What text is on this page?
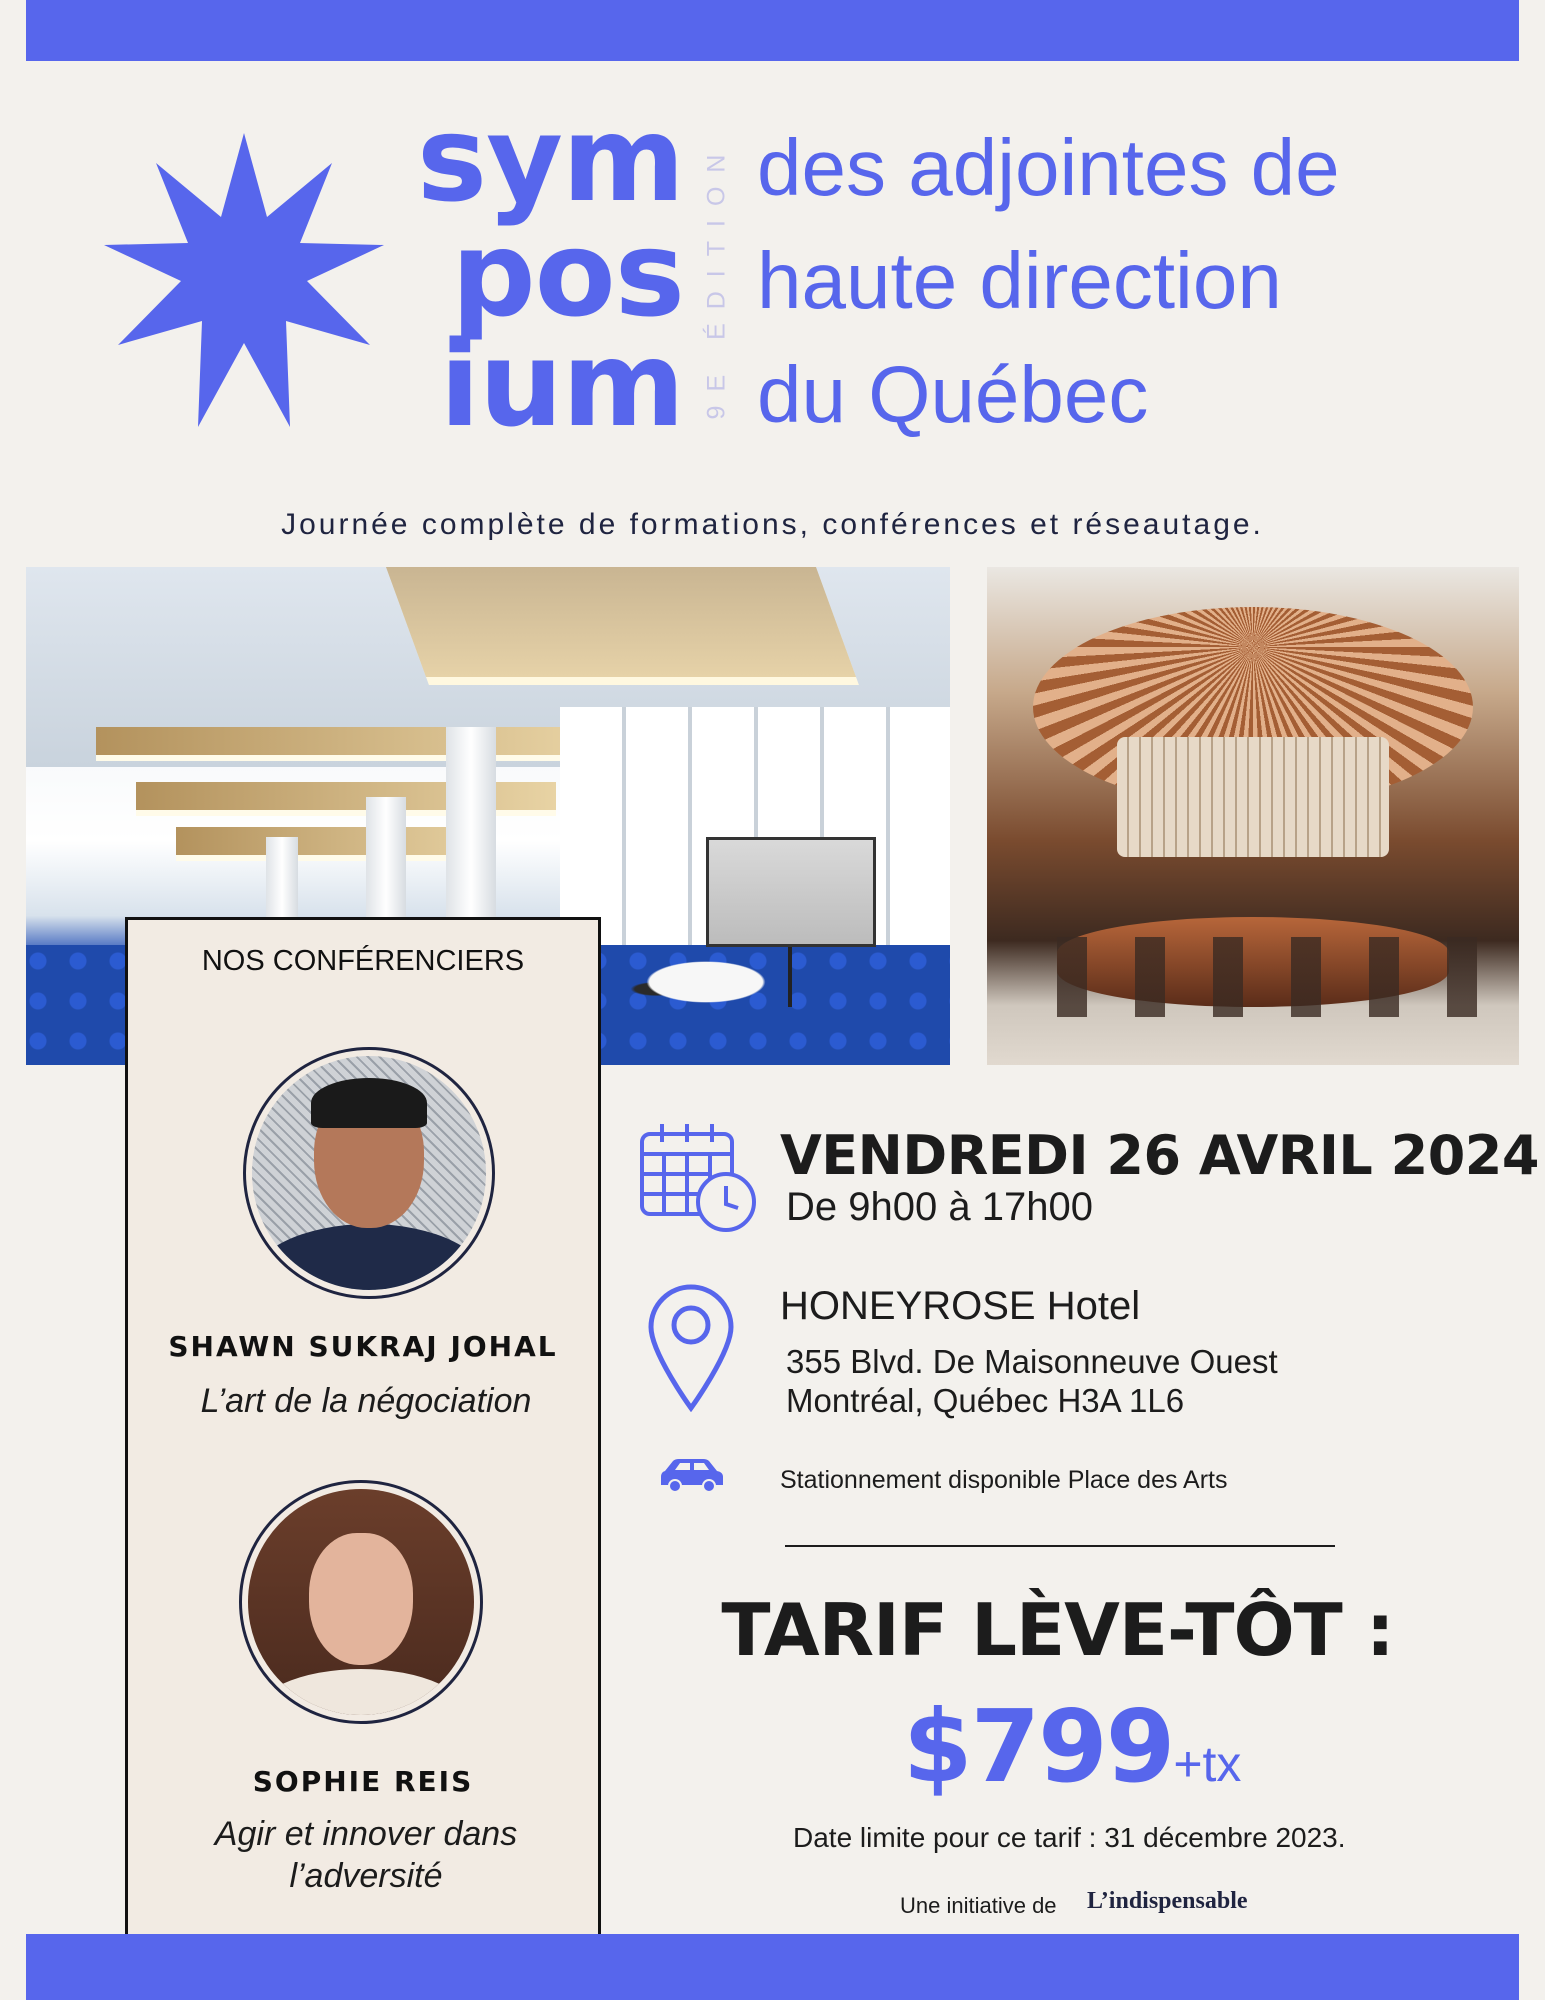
sym
pos
ium 9E ÉDITION des adjointes de
haute direction
du Québec
Journée complète de formations, conférences et réseautage.
NOS CONFÉRENCIERS
SHAWN SUKRAJ JOHAL
L’art de la négociation
SOPHIE REIS
Agir et innover dans l’adversité
VENDREDI 26 AVRIL 2024
De 9h00 à 17h00
HONEYROSE Hotel
355 Blvd. De Maisonneuve Ouest
Montréal, Québec H3A 1L6
Stationnement disponible Place des Arts
TARIF LÈVE-TÔT :
$799+tx
Date limite pour ce tarif : 31 décembre 2023.
Une initiative de L’indispensable
